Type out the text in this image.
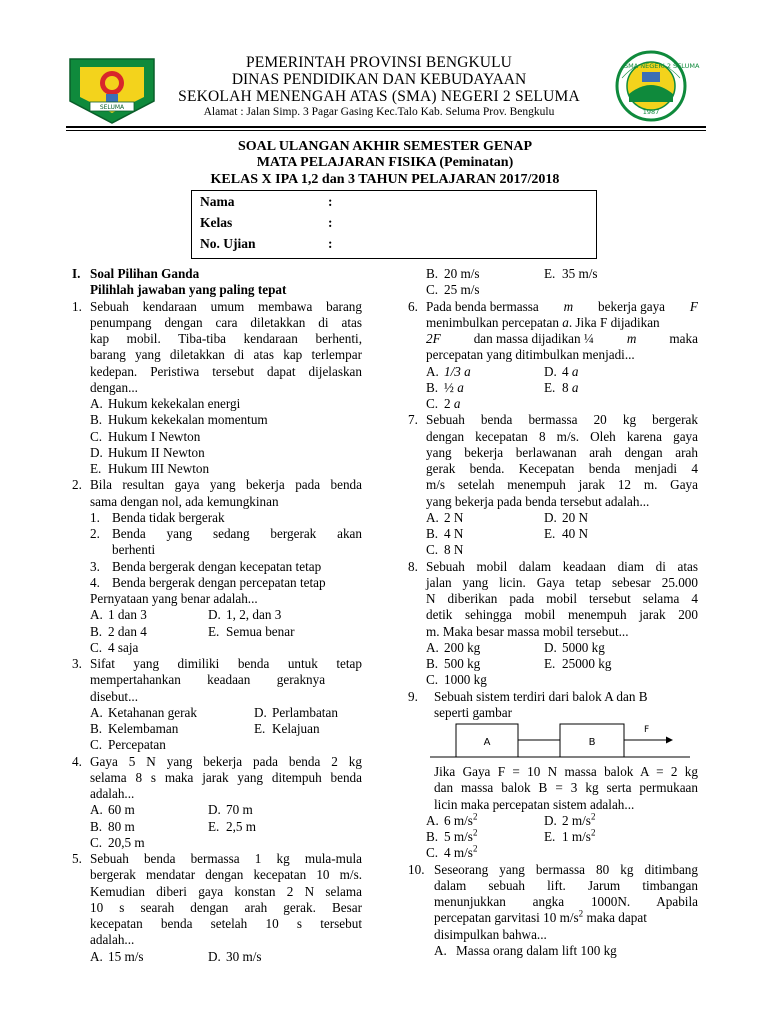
SELUMA
SMA NEGERI 2 SELUMA
1987
PEMERINTAH PROVINSI BENGKULU
DINAS PENDIDIKAN DAN KEBUDAYAAN
SEKOLAH MENENGAH ATAS (SMA) NEGERI 2 SELUMA
Alamat : Jalan Simp. 3 Pagar Gasing Kec.Talo Kab. Seluma Prov. Bengkulu
SOAL ULANGAN AKHIR SEMESTER GENAP
MATA PELAJARAN FISIKA (Peminatan)
KELAS X IPA 1,2 dan 3 TAHUN PELAJARAN 2017/2018
Nama	:
Kelas	:
No. Ujian	:
I. Soal Pilihan Ganda
Pilihlah jawaban yang paling tepat
1. Sebuah kendaraan umum membawa barang
penumpang dengan cara diletakkan di atas
kap mobil. Tiba-tiba kendaraan berhenti,
barang yang diletakkan di atas kap terlempar
kedepan. Peristiwa tersebut dapat dijelaskan
dengan...
A. Hukum kekekalan energi
B. Hukum kekekalan momentum
C. Hukum I Newton
D. Hukum II Newton
E. Hukum III Newton
2. Bila resultan gaya yang bekerja pada benda
sama dengan nol, ada kemungkinan
1. Benda tidak bergerak
2. Benda yang sedang bergerak akan
berhenti
3. Benda bergerak dengan kecepatan tetap
4. Benda bergerak dengan percepatan tetap
Pernyataan yang benar adalah...
A. 1 dan 3	D. 1, 2, dan 3
B. 2 dan 4	E. Semua benar
C. 4 saja
3. Sifat yang dimiliki benda untuk tetap
mempertahankan        keadaan        geraknya
disebut...
A. Ketahanan gerak	D. Perlambatan
B. Kelembaman	E. Kelajuan
C. Percepatan
4. Gaya 5 N yang bekerja pada benda 2 kg
selama 8 s maka jarak yang ditempuh benda
adalah...
A. 60 m	D. 70 m
B. 80 m	E. 2,5 m
C. 20,5 m
5. Sebuah benda bermassa 1 kg mula-mula
bergerak mendatar dengan kecepatan 10 m/s.
Kemudian diberi gaya konstan 2 N selama
10 s searah dengan arah gerak. Besar
kecepatan benda setelah 10 s tersebut
adalah...
A. 15 m/s	D. 30 m/s
B. 20 m/s	E. 35 m/s
C. 25 m/s
6. Pada benda bermassa m bekerja gaya F
menimbulkan percepatan a. Jika F dijadikan
2F	dan massa dijadikan ¼	m	maka
percepatan yang ditimbulkan menjadi...
A. 1/3 a	D. 4 a
B. ½ a	E. 8 a
C. 2 a
7. Sebuah benda bermassa 20 kg bergerak
dengan kecepatan 8 m/s. Oleh karena gaya
yang bekerja berlawanan arah dengan arah
gerak benda. Kecepatan benda menjadi 4
m/s setelah menempuh jarak 12 m. Gaya
yang bekerja pada benda tersebut adalah...
A. 2 N	D. 20 N
B. 4 N	E. 40 N
C. 8 N
8. Sebuah mobil dalam keadaan diam di atas
jalan yang licin. Gaya tetap sebesar 25.000
N diberikan pada mobil tersebut selama 4
detik sehingga mobil menempuh jarak 200
m. Maka besar massa mobil tersebut...
A. 200 kg	D. 5000 kg
B. 500 kg	E. 25000 kg
C. 1000 kg
9.	Sebuah sistem terdiri dari balok A dan B
seperti gambar
Jika Gaya F = 10 N massa balok A = 2 kg
dan massa balok B = 3 kg serta permukaan
licin maka percepatan sistem adalah...
A. 6 $m/s^2$	D. 2 $m/s^2$
B. 5 $m/s^2$	E. 1 $m/s^2$
C. 4 $m/s^2$
10. Seseorang yang bermassa 80 kg ditimbang
dalam sebuah lift. Jarum timbangan
menunjukkan angka 1000N. Apabila
percepatan garvitasi 10 $m/s^2$ maka dapat
disimpulkan bahwa...
A. Massa orang dalam lift 100 kg
A	B
F
